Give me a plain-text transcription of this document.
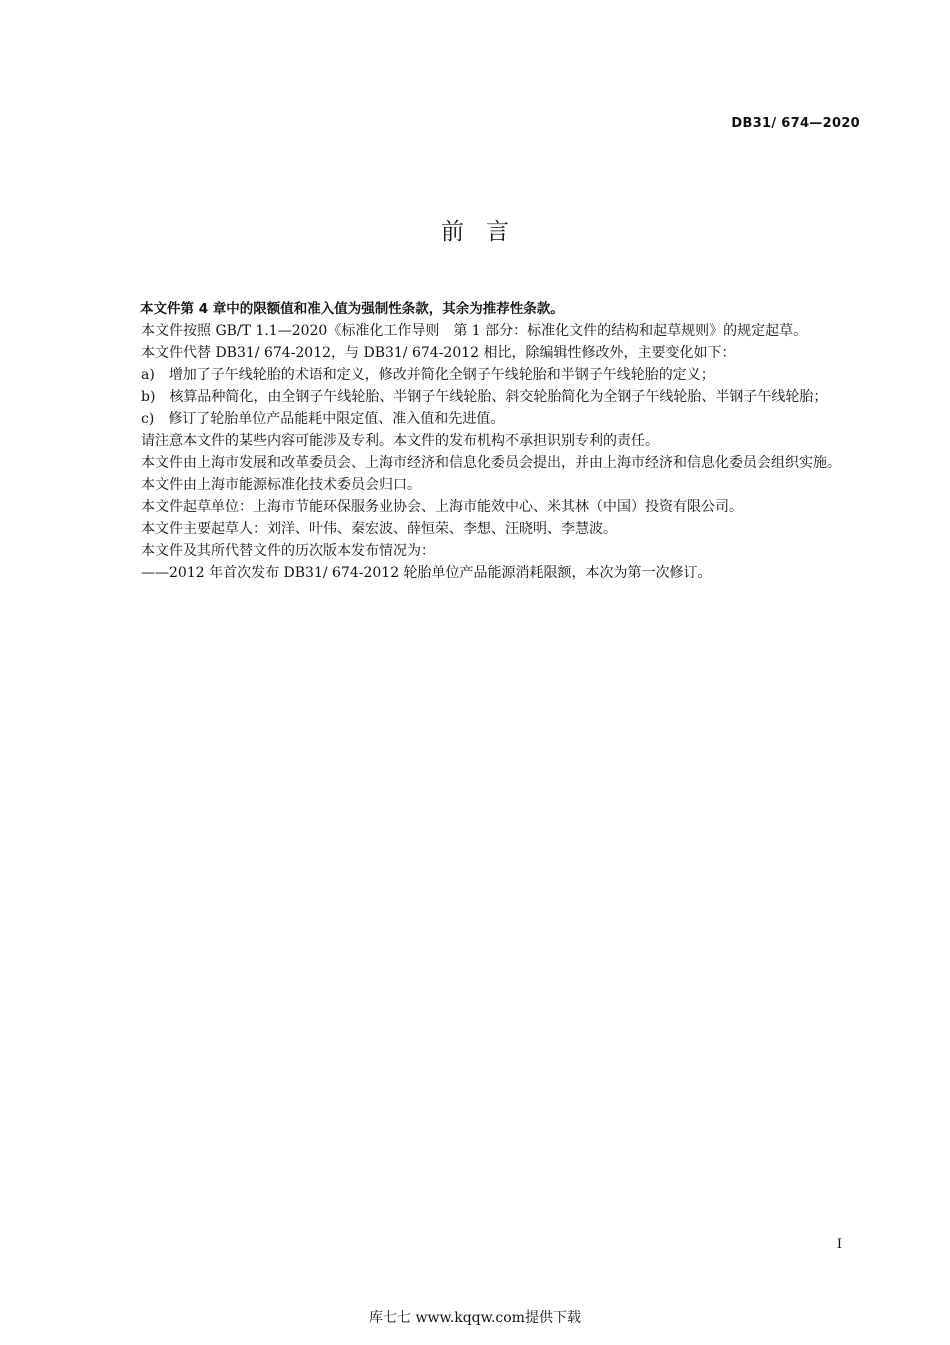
DB31/ 674—2020
前言

本文件第 4 章中的限额值和准入值为强制性条款，其余为推荐性条款。

本文件按照 GB/T 1.1—2020《标准化工作导则　第 1 部分：标准化文件的结构和起草规则》的规定起草。

本文件代替 DB31/ 674-2012，与 DB31/ 674-2012 相比，除编辑性修改外，主要变化如下：

a) 增加了子午线轮胎的术语和定义，修改并简化全钢子午线轮胎和半钢子午线轮胎的定义；

b) 核算品种简化，由全钢子午线轮胎、半钢子午线轮胎、斜交轮胎简化为全钢子午线轮胎、半钢子午线轮胎；

c) 修订了轮胎单位产品能耗中限定值、准入值和先进值。

请注意本文件的某些内容可能涉及专利。本文件的发布机构不承担识别专利的责任。

本文件由上海市发展和改革委员会、上海市经济和信息化委员会提出，并由上海市经济和信息化委员会组织实施。

本文件由上海市能源标准化技术委员会归口。

本文件起草单位：上海市节能环保服务业协会、上海市能效中心、米其林（中国）投资有限公司。

本文件主要起草人：刘洋、叶伟、秦宏波、薛恒荣、李想、汪晓明、李慧波。

本文件及其所代替文件的历次版本发布情况为：

——2012 年首次发布 DB31/ 674-2012 轮胎单位产品能源消耗限额，本次为第一次修订。

I
库七七 www.kqqw.com提供下载
